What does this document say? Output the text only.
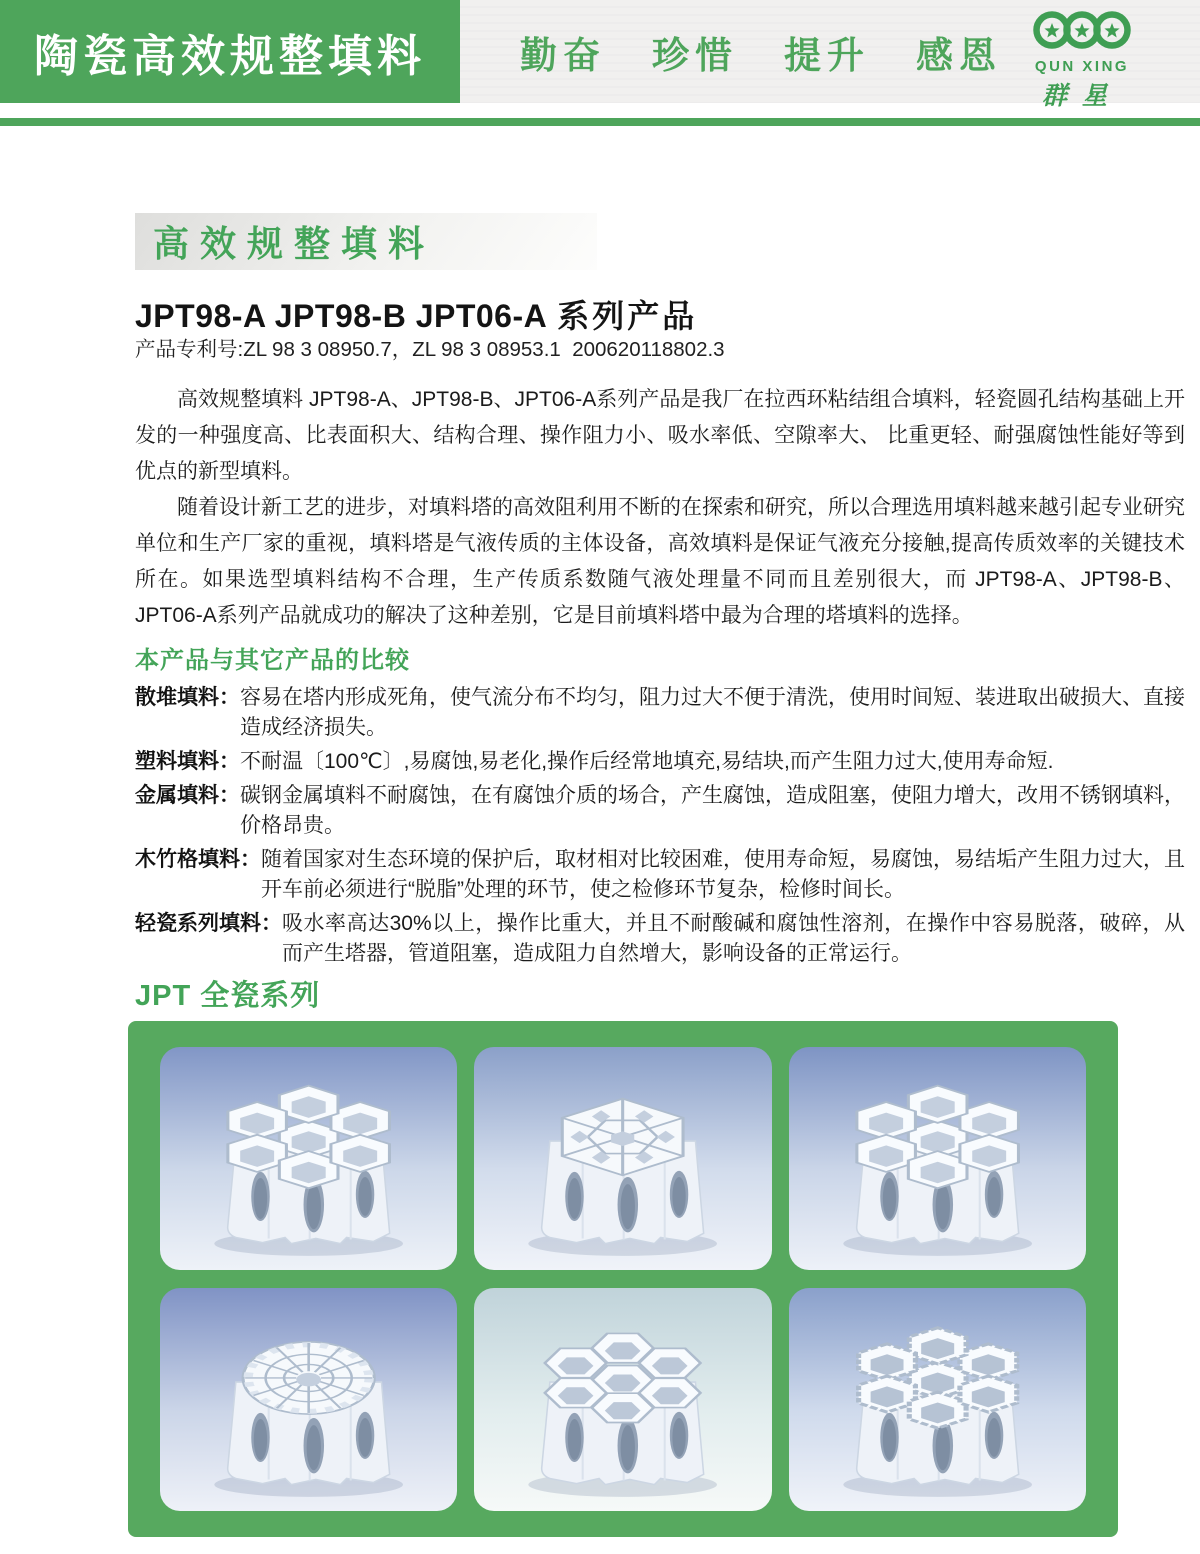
陶瓷高效规整填料	勤奋 珍惜 提升 感恩	QUN XING
群星
高效规整填料
JPT98-A JPT98-B JPT06-A 系列产品
产品专利号:ZL 98 3 08950.7，ZL 98 3 08953.1  200620118802.3

高效规整填料 JPT98-A、JPT98-B、JPT06-A系列产品是我厂在拉西环粘结组合填料，轻瓷圆孔结构基础上开发的一种强度高、比表面积大、结构合理、操作阻力小、吸水率低、空隙率大、 比重更轻、耐强腐蚀性能好等到优点的新型填料。

随着设计新工艺的进步，对填料塔的高效阻利用不断的在探索和研究，所以合理选用填料越来越引起专业研究单位和生产厂家的重视，填料塔是气液传质的主体设备，高效填料是保证气液充分接触,提高传质效率的关键技术所在。如果选型填料结构不合理，生产传质系数随气液处理量不同而且差别很大，而 JPT98-A、JPT98-B、JPT06-A系列产品就成功的解决了这种差别，它是目前填料塔中最为合理的塔填料的选择。

本产品与其它产品的比较
散堆填料： 容易在塔内形成死角，使气流分布不均匀，阻力过大不便于清洗，使用时间短、装进取出破损大、直接造成经济损失。
塑料填料： 不耐温〔100℃〕,易腐蚀,易老化,操作后经常地填充,易结块,而产生阻力过大,使用寿命短.
金属填料： 碳钢金属填料不耐腐蚀，在有腐蚀介质的场合，产生腐蚀，造成阻塞，使阻力增大，改用不锈钢填料，价格昂贵。
木竹格填料： 随着国家对生态环境的保护后，取材相对比较困难，使用寿命短，易腐蚀，易结垢产生阻力过大，且开车前必须进行“脱脂”处理的环节，使之检修环节复杂，检修时间长。
轻瓷系列填料： 吸水率高达30%以上，操作比重大，并且不耐酸碱和腐蚀性溶剂，在操作中容易脱落，破碎，从而产生塔器，管道阻塞，造成阻力自然增大，影响设备的正常运行。
JPT 全瓷系列
